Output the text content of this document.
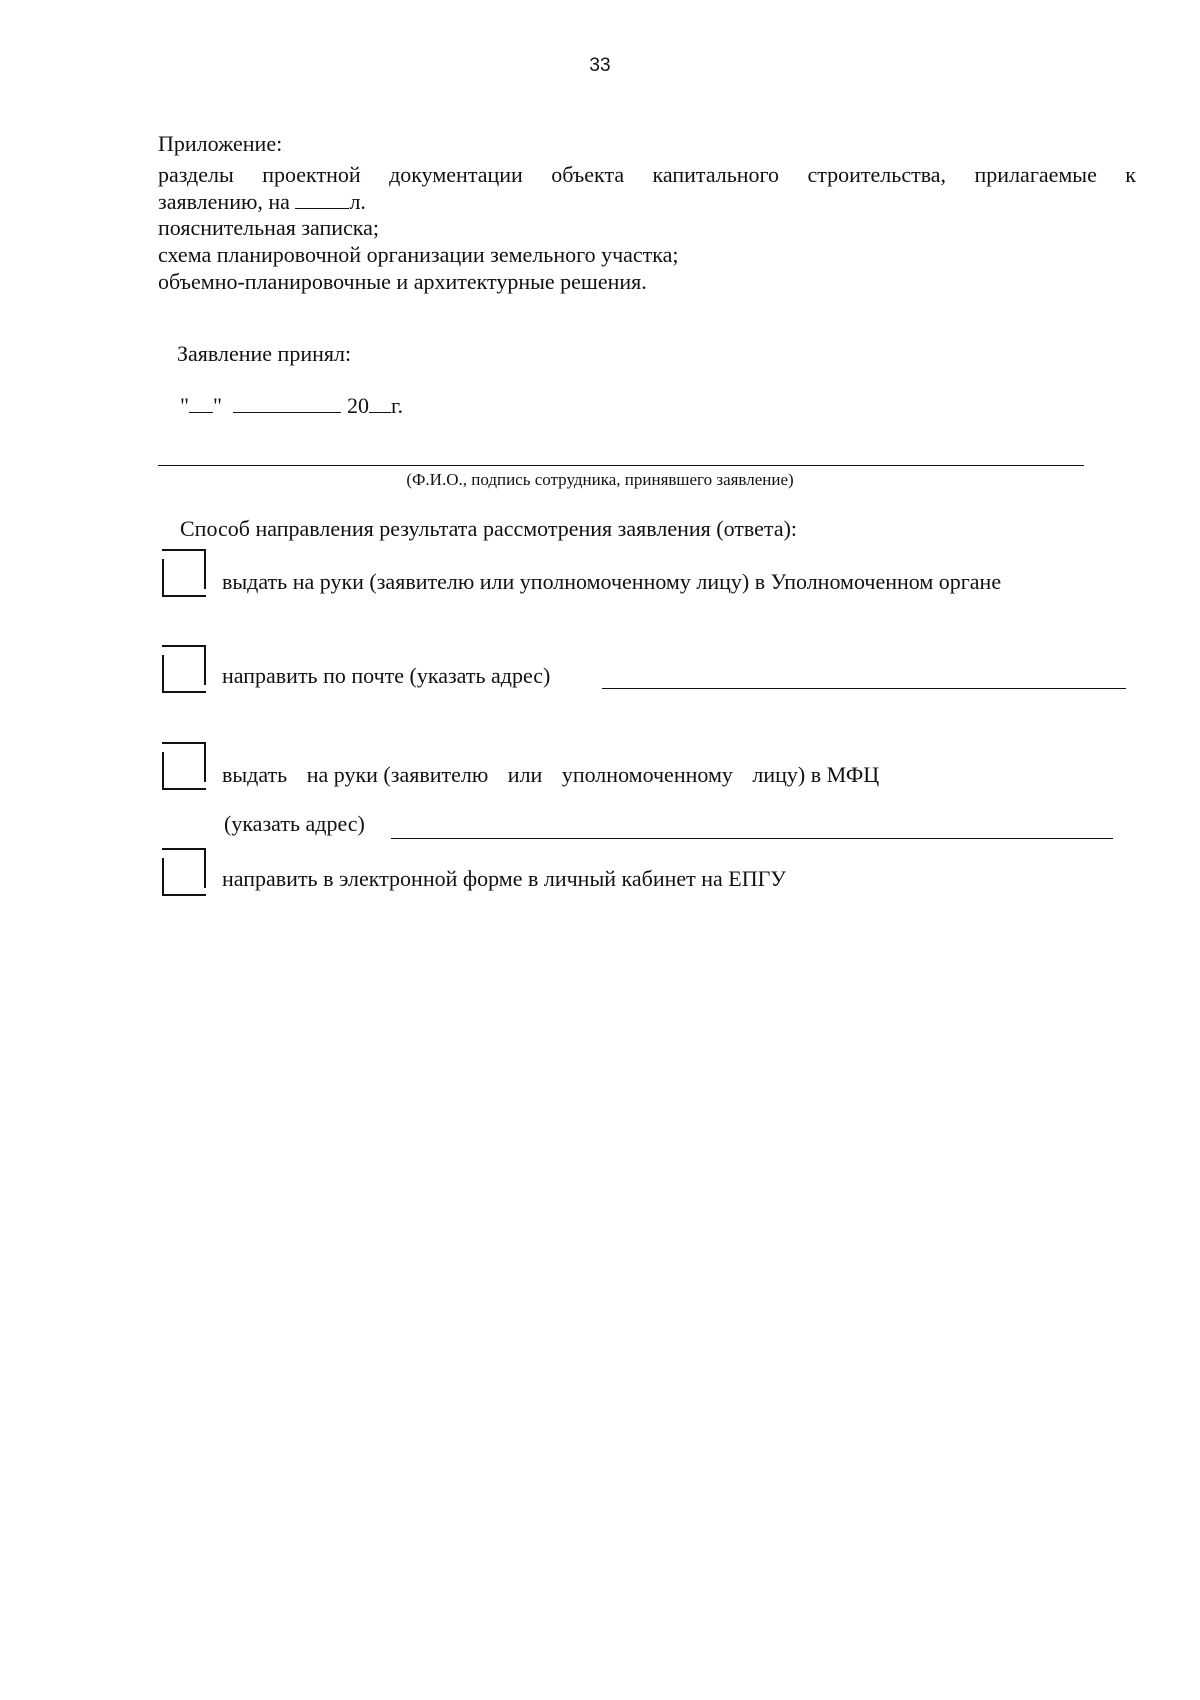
33
Приложение:
разделы проектной документации объекта капитального строительства, прилагаемые к
заявлению, на	л.
пояснительная записка;
схема планировочной организации земельного участка;
объемно-планировочные и архитектурные решения.
Заявление принял:
" "	20 г.
(Ф.И.О., подпись сотрудника, принявшего заявление)
Способ направления результата рассмотрения заявления (ответа):
выдать на руки (заявителю или уполномоченному лицу) в Уполномоченном органе
направить по почте (указать адрес)
выдать на руки (заявителю или уполномоченному лицу) в МФЦ
(указать адрес)
направить в электронной форме в личный кабинет на ЕПГУ
